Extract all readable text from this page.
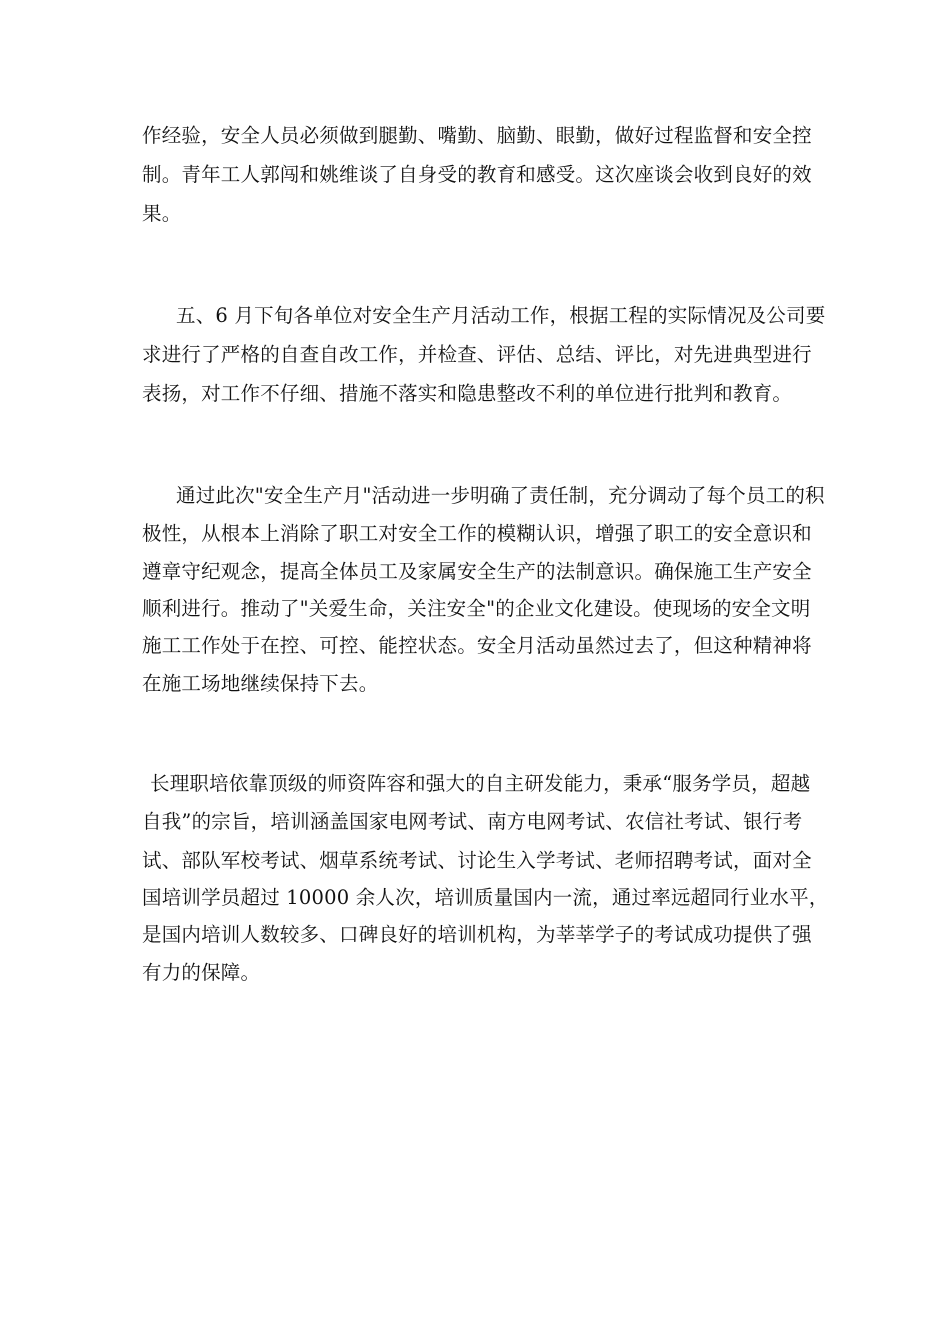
作经验，安全人员必须做到腿勤、嘴勤、脑勤、眼勤，做好过程监督和安全控
制。青年工人郭闯和姚维谈了自身受的教育和感受。这次座谈会收到良好的效
果。
五、6 月下旬各单位对安全生产月活动工作，根据工程的实际情况及公司要
求进行了严格的自查自改工作，并检查、评估、总结、评比，对先进典型进行
表扬，对工作不仔细、措施不落实和隐患整改不利的单位进行批判和教育。
通过此次"安全生产月"活动进一步明确了责任制，充分调动了每个员工的积
极性，从根本上消除了职工对安全工作的模糊认识，增强了职工的安全意识和
遵章守纪观念，提高全体员工及家属安全生产的法制意识。确保施工生产安全
顺利进行。推动了"关爱生命，关注安全"的企业文化建设。使现场的安全文明
施工工作处于在控、可控、能控状态。安全月活动虽然过去了，但这种精神将
在施工场地继续保持下去。
长理职培依靠顶级的师资阵容和强大的自主研发能力，秉承“服务学员，超越
自我”的宗旨，培训涵盖国家电网考试、南方电网考试、农信社考试、银行考
试、部队军校考试、烟草系统考试、讨论生入学考试、老师招聘考试，面对全
国培训学员超过 10000 余人次，培训质量国内一流，通过率远超同行业水平，
是国内培训人数较多、口碑良好的培训机构，为莘莘学子的考试成功提供了强
有力的保障。
